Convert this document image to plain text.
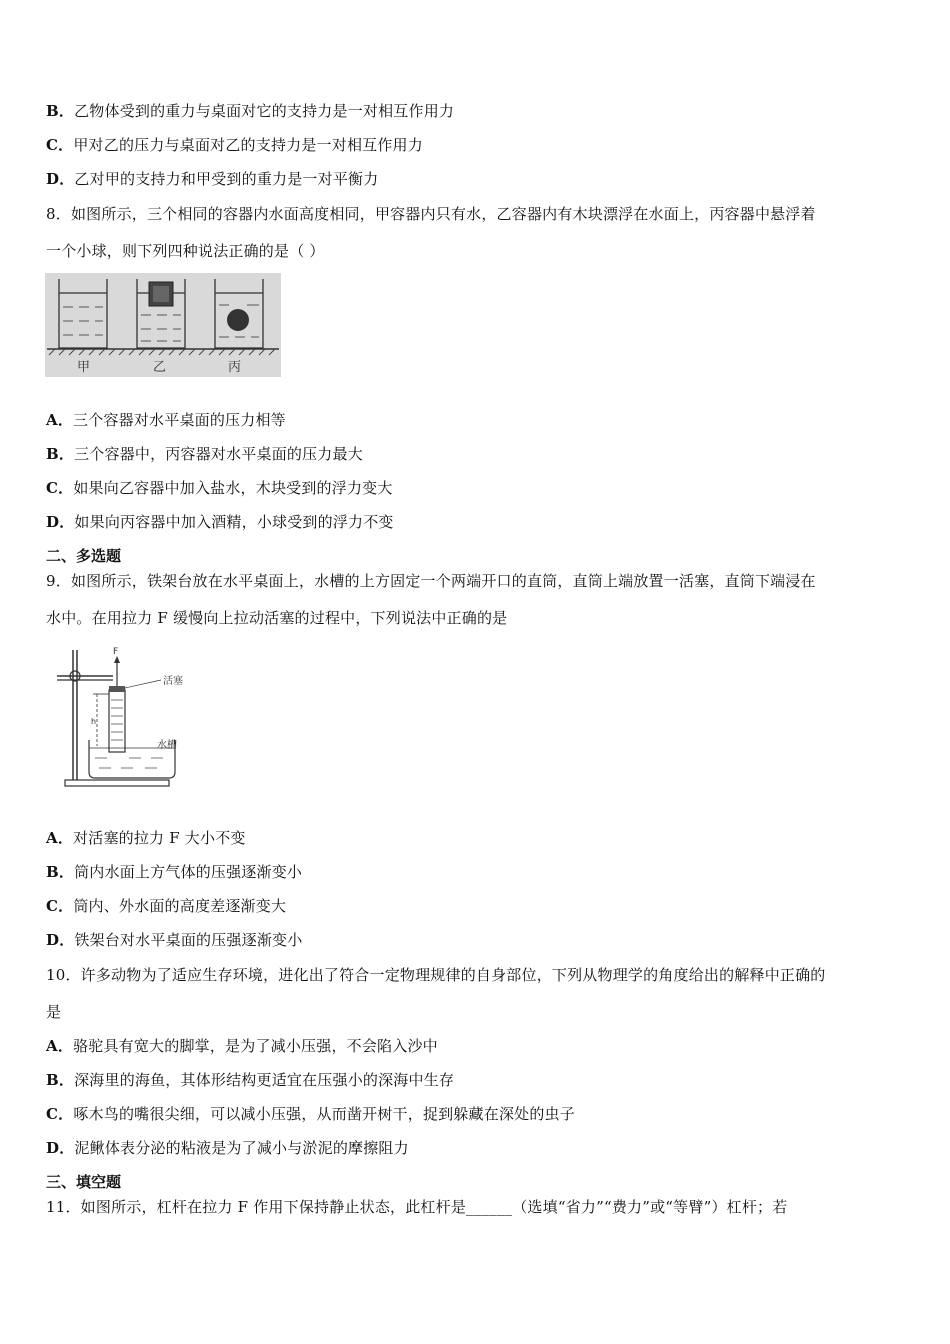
B．乙物体受到的重力与桌面对它的支持力是一对相互作用力
C．甲对乙的压力与桌面对乙的支持力是一对相互作用力
D．乙对甲的支持力和甲受到的重力是一对平衡力
8．如图所示，三个相同的容器内水面高度相同，甲容器内只有水，乙容器内有木块漂浮在水面上，丙容器中悬浮着
一个小球，则下列四种说法正确的是（ ）
甲	乙	丙
A．三个容器对水平桌面的压力相等
B．三个容器中，丙容器对水平桌面的压力最大
C．如果向乙容器中加入盐水，木块受到的浮力变大
D．如果向丙容器中加入酒精，小球受到的浮力不变
二、多选题
9．如图所示，铁架台放在水平桌面上，水槽的上方固定一个两端开口的直筒，直筒上端放置一活塞，直筒下端浸在
水中。在用拉力 F 缓慢向上拉动活塞的过程中，下列说法中正确的是
F
h
活塞
水槽
A．对活塞的拉力 F 大小不变
B．筒内水面上方气体的压强逐渐变小
C．筒内、外水面的高度差逐渐变大
D．铁架台对水平桌面的压强逐渐变小
10．许多动物为了适应生存环境，进化出了符合一定物理规律的自身部位，下列从物理学的角度给出的解释中正确的
是
A．骆驼具有宽大的脚掌，是为了减小压强，不会陷入沙中
B．深海里的海鱼，其体形结构更适宜在压强小的深海中生存
C．啄木鸟的嘴很尖细，可以减小压强，从而凿开树干，捉到躲藏在深处的虫子
D．泥鳅体表分泌的粘液是为了减小与淤泥的摩擦阻力
三、填空题
11．如图所示，杠杆在拉力 F 作用下保持静止状态，此杠杆是______（选填“省力”“费力”或“等臂”）杠杆；若
